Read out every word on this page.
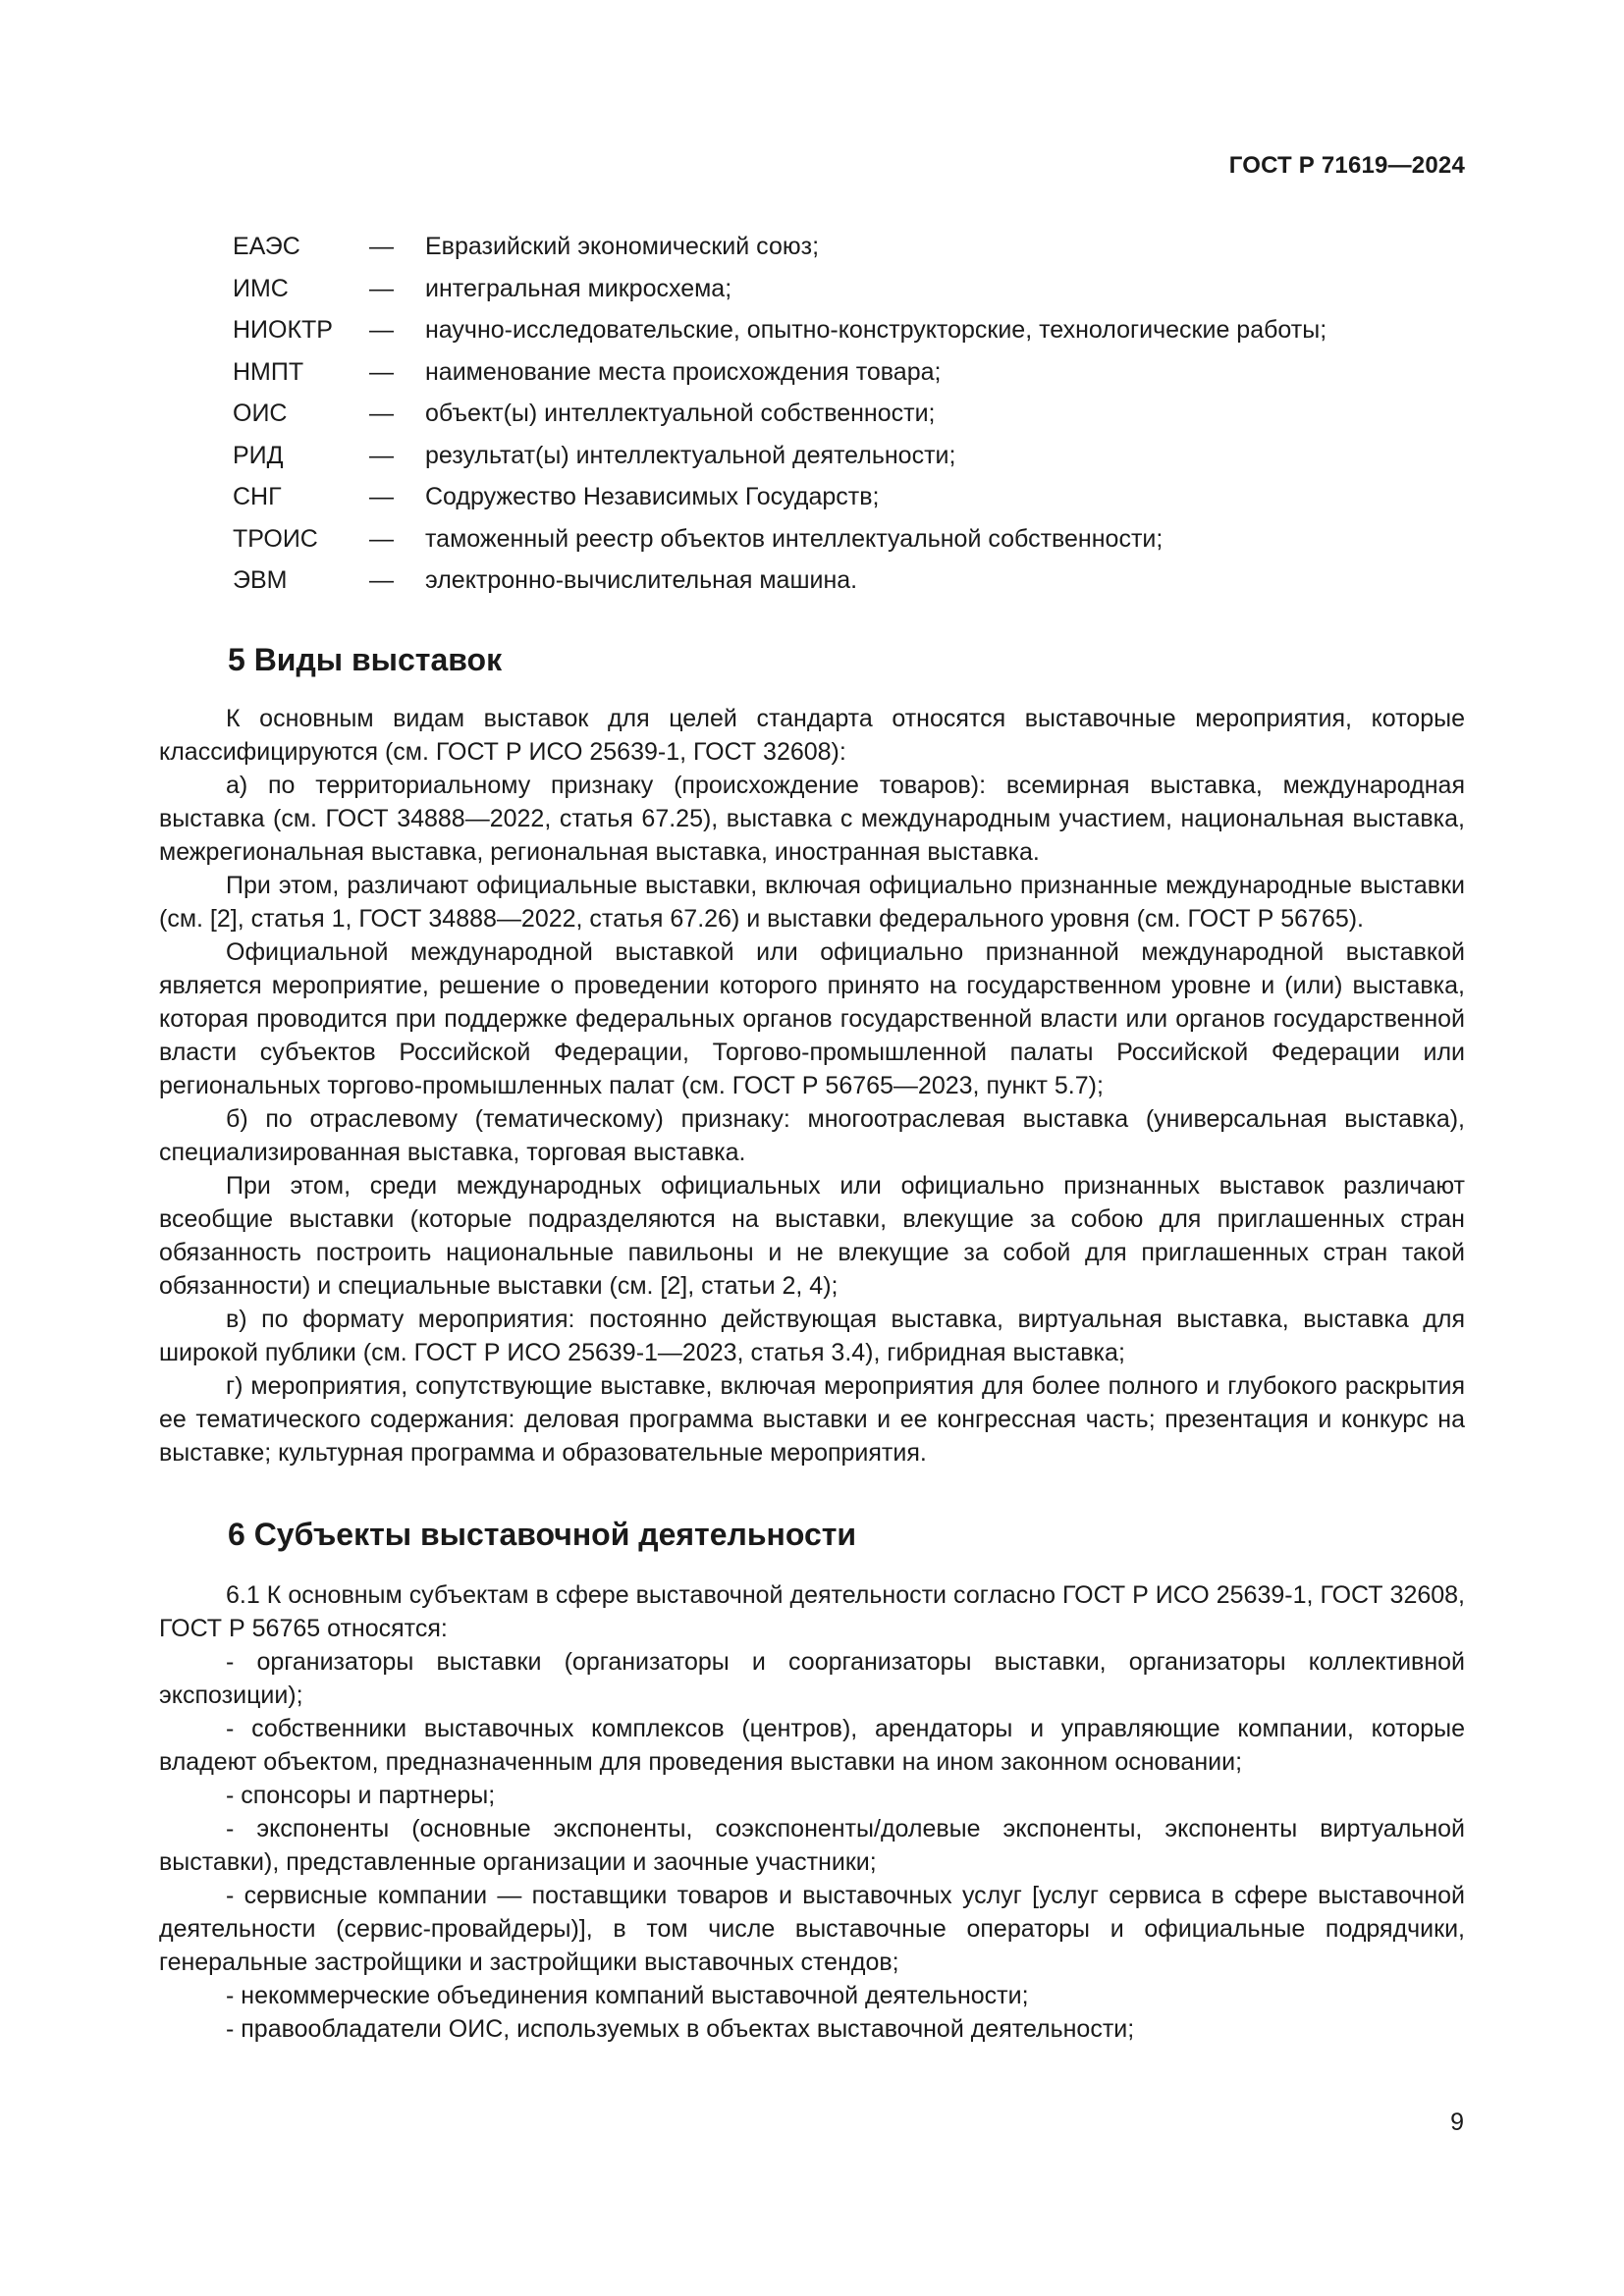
ГОСТ Р 71619—2024
ЕАЭС	—	Евразийский экономический союз;
ИМС	—	интегральная микросхема;
НИОКТР	—	научно-исследовательские, опытно-конструкторские, технологические работы;
НМПТ	—	наименование места происхождения товара;
ОИС	—	объект(ы) интеллектуальной собственности;
РИД	—	результат(ы) интеллектуальной деятельности;
СНГ	—	Содружество Независимых Государств;
ТРОИС	—	таможенный реестр объектов интеллектуальной собственности;
ЭВМ	—	электронно-вычислительная машина.
5 Виды выставок

К основным видам выставок для целей стандарта относятся выставочные мероприятия, которые классифицируются (см. ГОСТ Р ИСО 25639-1, ГОСТ 32608):

а) по территориальному признаку (происхождение товаров): всемирная выставка, международная выставка (см. ГОСТ 34888—2022, статья 67.25), выставка с международным участием, национальная выставка, межрегиональная выставка, региональная выставка, иностранная выставка.

При этом, различают официальные выставки, включая официально признанные международные выставки (см. [2], статья 1, ГОСТ 34888—2022, статья 67.26) и выставки федерального уровня (см. ГОСТ Р 56765).

Официальной международной выставкой или официально признанной международной выставкой является мероприятие, решение о проведении которого принято на государственном уровне и (или) выставка, которая проводится при поддержке федеральных органов государственной власти или органов государственной власти субъектов Российской Федерации, Торгово-промышленной палаты Российской Федерации или региональных торгово-промышленных палат (см. ГОСТ Р 56765—2023, пункт 5.7);

б) по отраслевому (тематическому) признаку: многоотраслевая выставка (универсальная выставка), специализированная выставка, торговая выставка.

При этом, среди международных официальных или официально признанных выставок различают всеобщие выставки (которые подразделяются на выставки, влекущие за собою для приглашенных стран обязанность построить национальные павильоны и не влекущие за собой для приглашенных стран такой обязанности) и специальные выставки (см. [2], статьи 2, 4);

в) по формату мероприятия: постоянно действующая выставка, виртуальная выставка, выставка для широкой публики (см. ГОСТ Р ИСО 25639-1—2023, статья 3.4), гибридная выставка;

г) мероприятия, сопутствующие выставке, включая мероприятия для более полного и глубокого раскрытия ее тематического содержания: деловая программа выставки и ее конгрессная часть; презентация и конкурс на выставке; культурная программа и образовательные мероприятия.

6 Субъекты выставочной деятельности

6.1 К основным субъектам в сфере выставочной деятельности согласно ГОСТ Р ИСО 25639-1, ГОСТ 32608, ГОСТ Р 56765 относятся:

- организаторы выставки (организаторы и соорганизаторы выставки, организаторы коллективной экспозиции);

- собственники выставочных комплексов (центров), арендаторы и управляющие компании, которые владеют объектом, предназначенным для проведения выставки на ином законном основании;

- спонсоры и партнеры;

- экспоненты (основные экспоненты, соэкспоненты/долевые экспоненты, экспоненты виртуальной выставки), представленные организации и заочные участники;

- сервисные компании — поставщики товаров и выставочных услуг [услуг сервиса в сфере выставочной деятельности (сервис-провайдеры)], в том числе выставочные операторы и официальные подрядчики, генеральные застройщики и застройщики выставочных стендов;

- некоммерческие объединения компаний выставочной деятельности;

- правообладатели ОИС, используемых в объектах выставочной деятельности;

9
